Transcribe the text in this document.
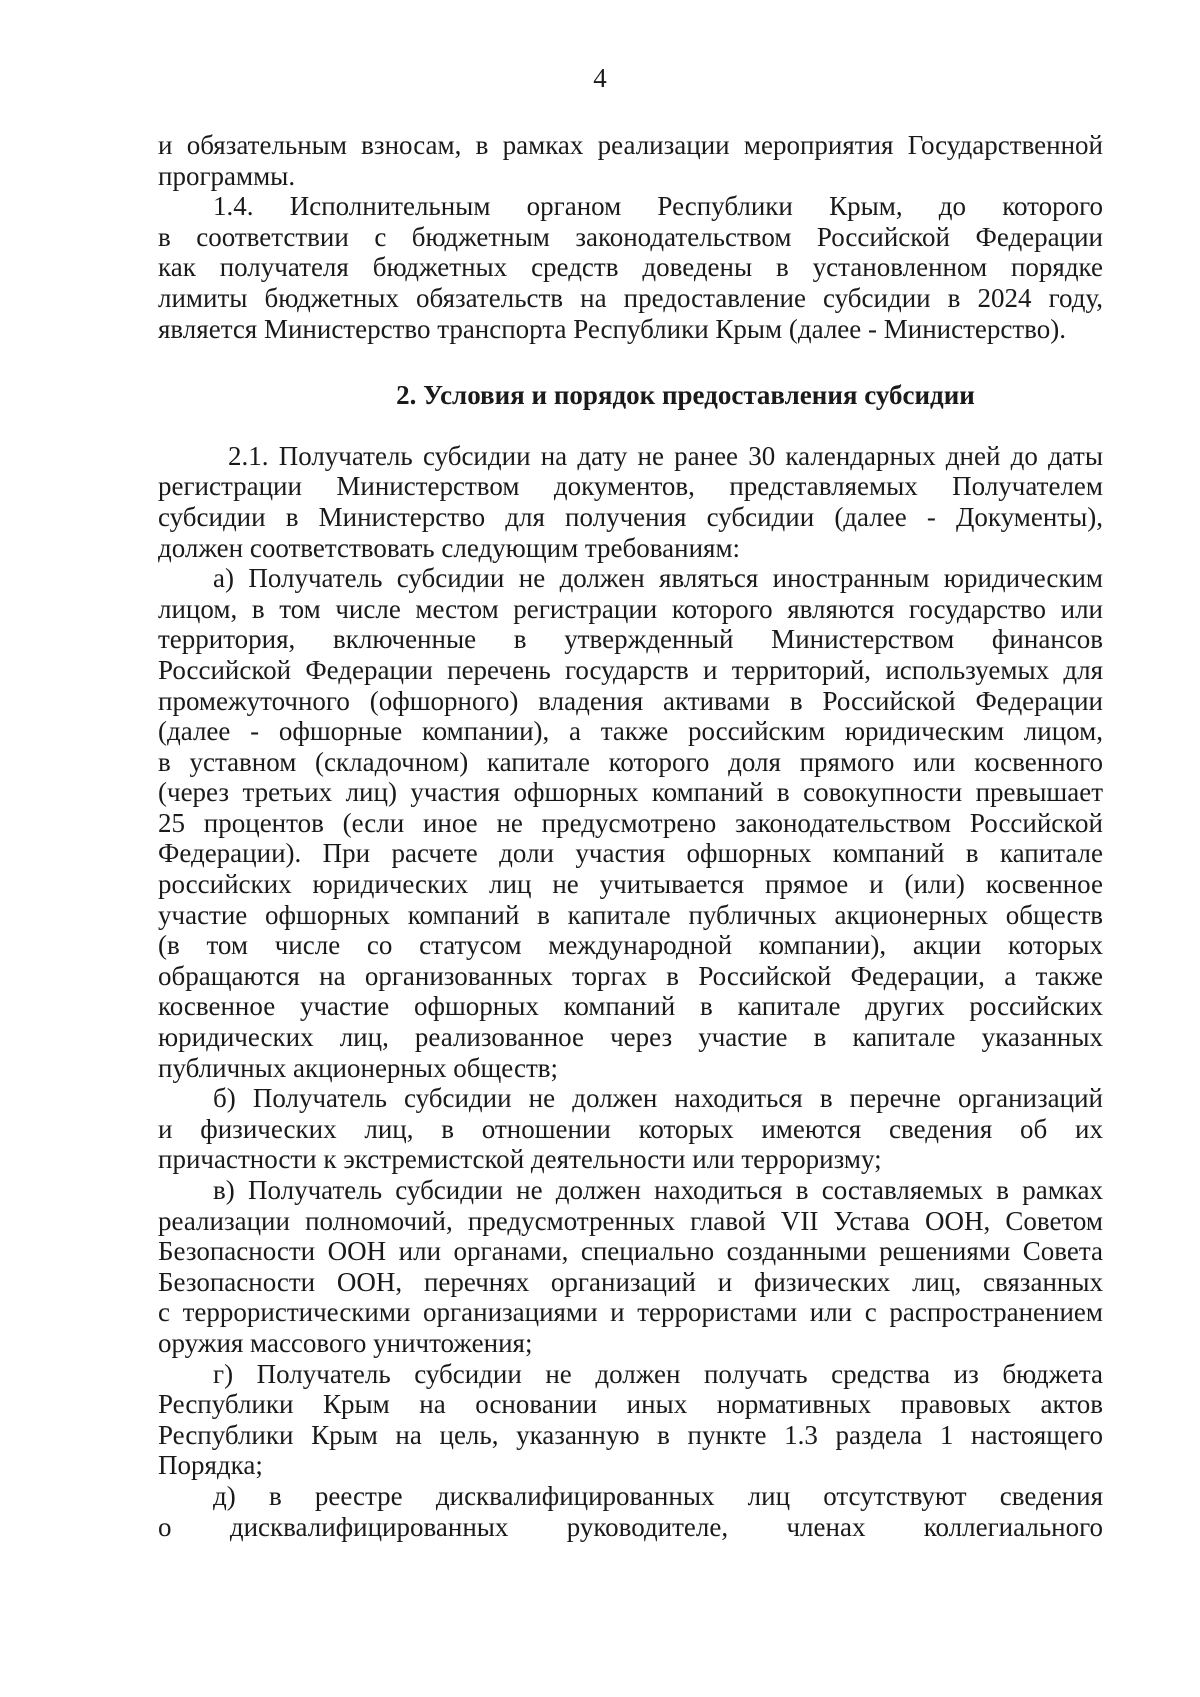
4
и обязательным взносам, в рамках реализации мероприятия Государственной
программы.
1.4. Исполнительным органом Республики Крым, до которого
в соответствии с бюджетным законодательством Российской Федерации
как получателя бюджетных средств доведены в установленном порядке
лимиты бюджетных обязательств на предоставление субсидии в 2024 году,
является Министерство транспорта Республики Крым (далее - Министерство).
2. Условия и порядок предоставления субсидии
2.1. Получатель субсидии на дату не ранее 30 календарных дней до даты
регистрации Министерством документов, представляемых Получателем
субсидии в Министерство для получения субсидии (далее - Документы),
должен соответствовать следующим требованиям:
а) Получатель субсидии не должен являться иностранным юридическим
лицом, в том числе местом регистрации которого являются государство или
территория, включенные в утвержденный Министерством финансов
Российской Федерации перечень государств и территорий, используемых для
промежуточного (офшорного) владения активами в Российской Федерации
(далее - офшорные компании), а также российским юридическим лицом,
в уставном (складочном) капитале которого доля прямого или косвенного
(через третьих лиц) участия офшорных компаний в совокупности превышает
25 процентов (если иное не предусмотрено законодательством Российской
Федерации). При расчете доли участия офшорных компаний в капитале
российских юридических лиц не учитывается прямое и (или) косвенное
участие офшорных компаний в капитале публичных акционерных обществ
(в том числе со статусом международной компании), акции которых
обращаются на организованных торгах в Российской Федерации, а также
косвенное участие офшорных компаний в капитале других российских
юридических лиц, реализованное через участие в капитале указанных
публичных акционерных обществ;
б) Получатель субсидии не должен находиться в перечне организаций
и физических лиц, в отношении которых имеются сведения об их
причастности к экстремистской деятельности или терроризму;
в) Получатель субсидии не должен находиться в составляемых в рамках
реализации полномочий, предусмотренных главой VII Устава ООН, Советом
Безопасности ООН или органами, специально созданными решениями Совета
Безопасности ООН, перечнях организаций и физических лиц, связанных
с террористическими организациями и террористами или с распространением
оружия массового уничтожения;
г) Получатель субсидии не должен получать средства из бюджета
Республики Крым на основании иных нормативных правовых актов
Республики Крым на цель, указанную в пункте 1.3 раздела 1 настоящего
Порядка;
д) в реестре дисквалифицированных лиц отсутствуют сведения
о дисквалифицированных руководителе, членах коллегиального
